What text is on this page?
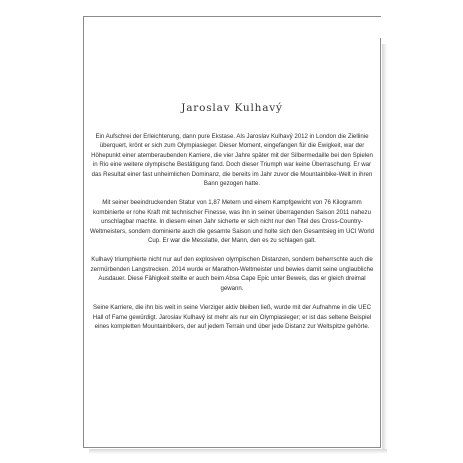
Jaroslav Kulhavý

Ein Aufschrei der Erleichterung, dann pure Ekstase. Als Jaroslav Kulhavý 2012 in London die Ziellinie überquert, krönt er sich zum Olympiasieger. Dieser Moment, eingefangen für die Ewigkeit, war der Höhepunkt einer atemberaubenden Karriere, die vier Jahre später mit der Silbermedaille bei den Spielen in Rio eine weitere olympische Bestätigung fand. Doch dieser Triumph war keine Überraschung. Er war das Resultat einer fast unheimlichen Dominanz, die bereits im Jahr zuvor die Mountainbike-Welt in ihren Bann gezogen hatte.

Mit seiner beeindruckenden Statur von 1,87 Metern und einem Kampfgewicht von 76 Kilogramm kombinierte er rohe Kraft mit technischer Finesse, was ihn in seiner überragenden Saison 2011 nahezu unschlagbar machte. In diesem einen Jahr sicherte er sich nicht nur den Titel des Cross-Country-Weltmeisters, sondern dominierte auch die gesamte Saison und holte sich den Gesamtsieg im UCI World Cup. Er war die Messlatte, der Mann, den es zu schlagen galt.

Kulhavý triumphierte nicht nur auf den explosiven olympischen Distanzen, sondern beherrschte auch die zermürbenden Langstrecken. 2014 wurde er Marathon-Weltmeister und bewies damit seine unglaubliche Ausdauer. Diese Fähigkeit stellte er auch beim Absa Cape Epic unter Beweis, das er gleich dreimal gewann.

Seine Karriere, die ihn bis weit in seine Vierziger aktiv bleiben ließ, wurde mit der Aufnahme in die UEC Hall of Fame gewürdigt. Jaroslav Kulhavý ist mehr als nur ein Olympiasieger; er ist das seltene Beispiel eines kompletten Mountainbikers, der auf jedem Terrain und über jede Distanz zur Weltspitze gehörte.
